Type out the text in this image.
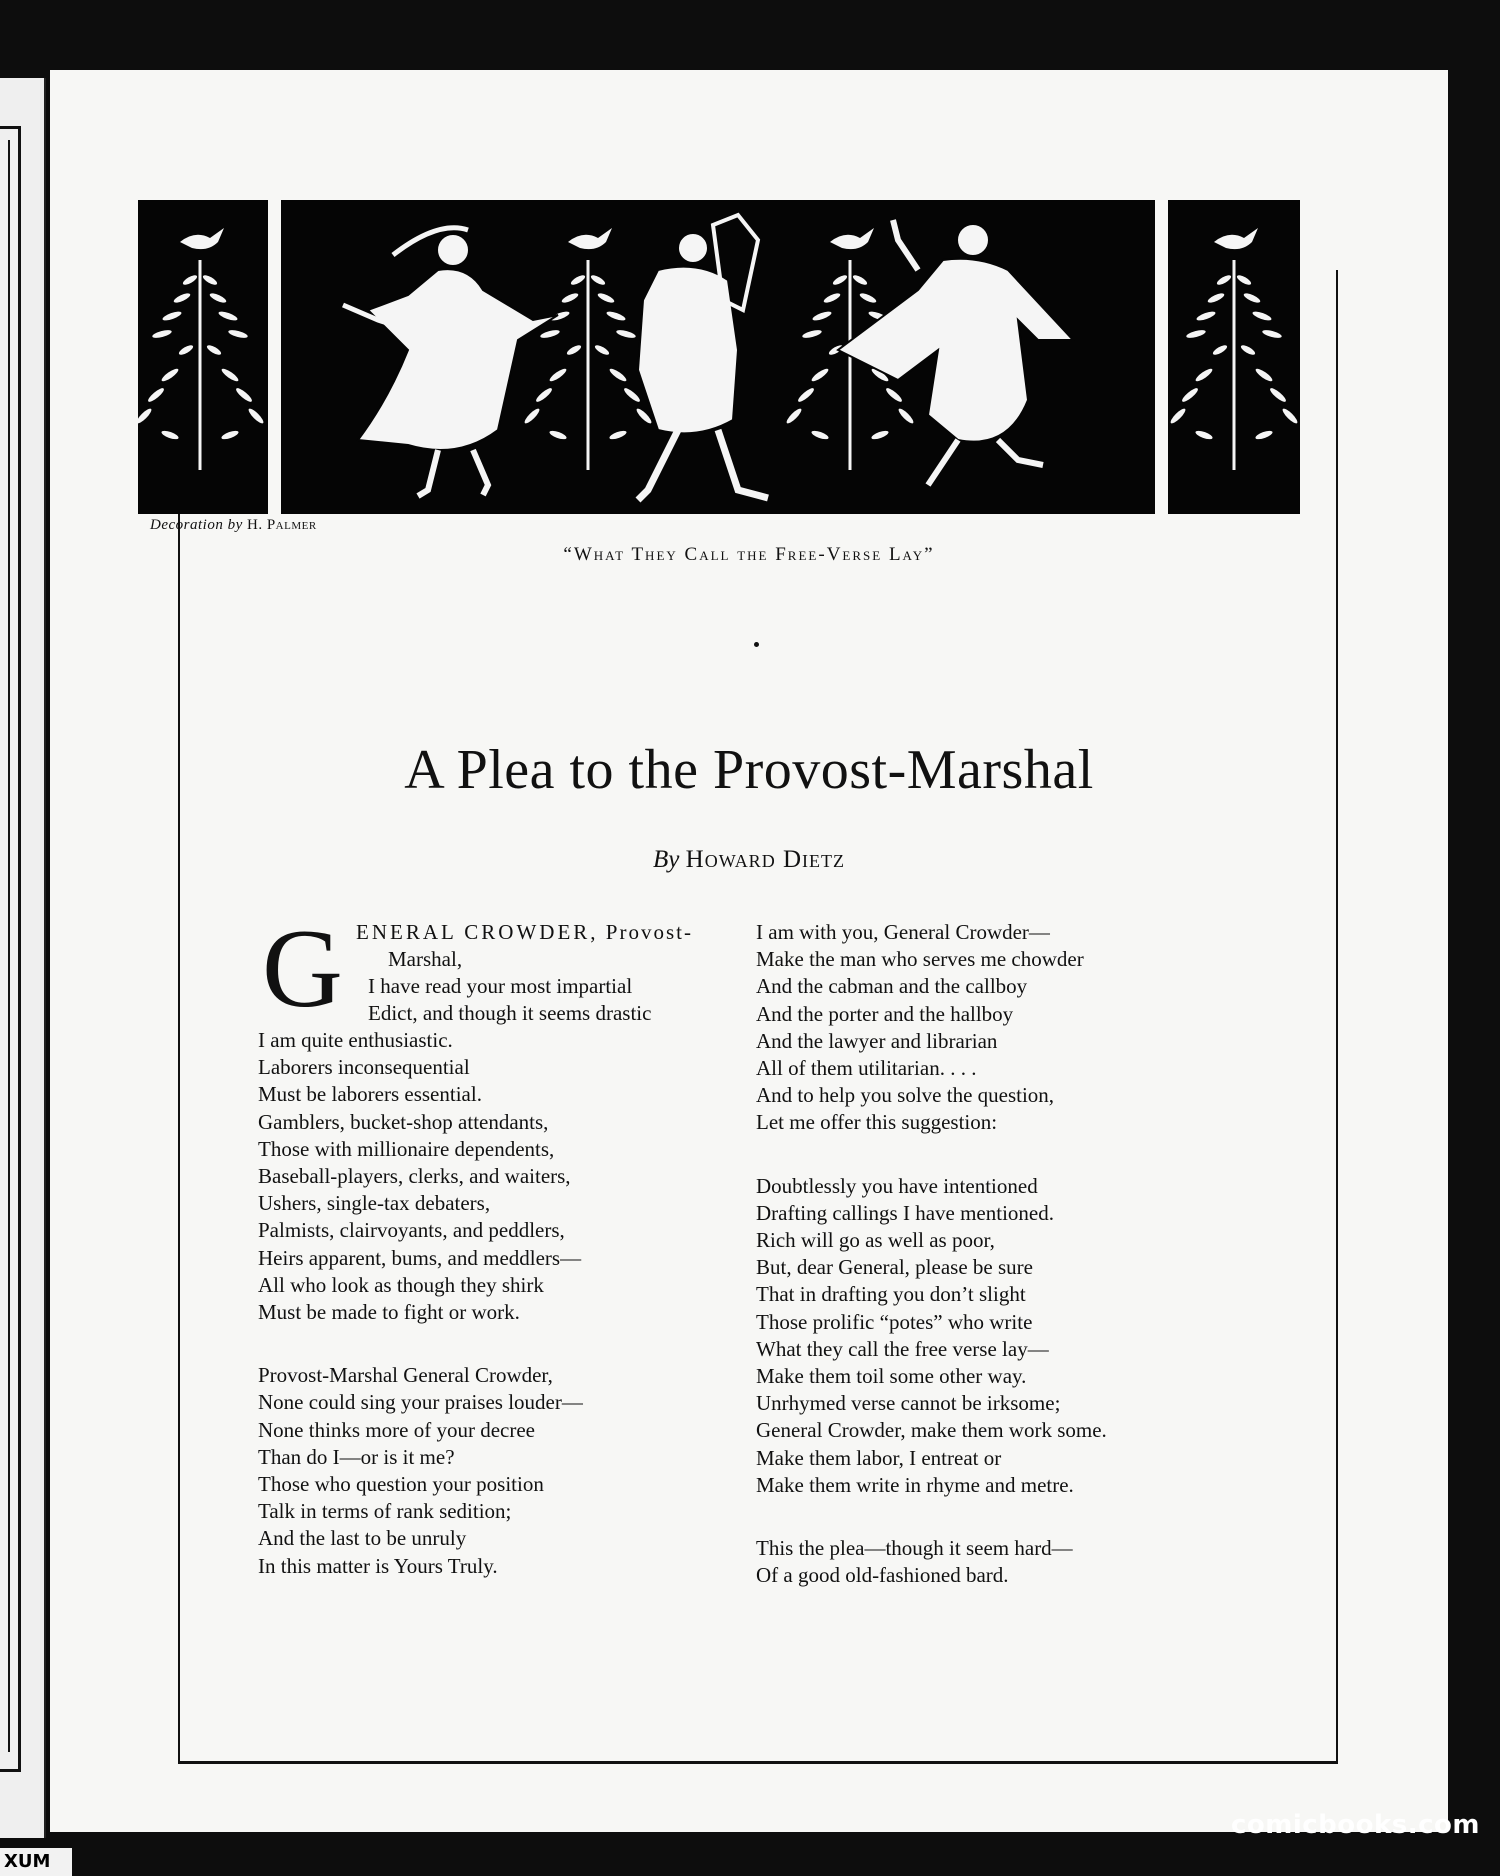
Decoration by H. Palmer
“What They Call the Free-Verse Lay”
A Plea to the Provost-Marshal
By Howard Dietz
G ENERAL CROWDER, Provost-
Marshal,
I have read your most impartial
Edict, and though it seems drastic
I am quite enthusiastic.
Laborers inconsequential
Must be laborers essential.
Gamblers, bucket-shop attendants,
Those with millionaire dependents,
Baseball-players, clerks, and waiters,
Ushers, single-tax debaters,
Palmists, clairvoyants, and peddlers,
Heirs apparent, bums, and meddlers—
All who look as though they shirk
Must be made to fight or work.
Provost-Marshal General Crowder,
None could sing your praises louder—
None thinks more of your decree
Than do I—or is it me?
Those who question your position
Talk in terms of rank sedition;
And the last to be unruly
In this matter is Yours Truly.
I am with you, General Crowder—
Make the man who serves me chowder
And the cabman and the callboy
And the porter and the hallboy
And the lawyer and librarian
All of them utilitarian. . . .
And to help you solve the question,
Let me offer this suggestion:
Doubtlessly you have intentioned
Drafting callings I have mentioned.
Rich will go as well as poor,
But, dear General, please be sure
That in drafting you don’t slight
Those prolific “potes” who write
What they call the free verse lay—
Make them toil some other way.
Unrhymed verse cannot be irksome;
General Crowder, make them work some.
Make them labor, I entreat or
Make them write in rhyme and metre.
This the plea—though it seem hard—
Of a good old-fashioned bard.
comicbooks.com
XUM
